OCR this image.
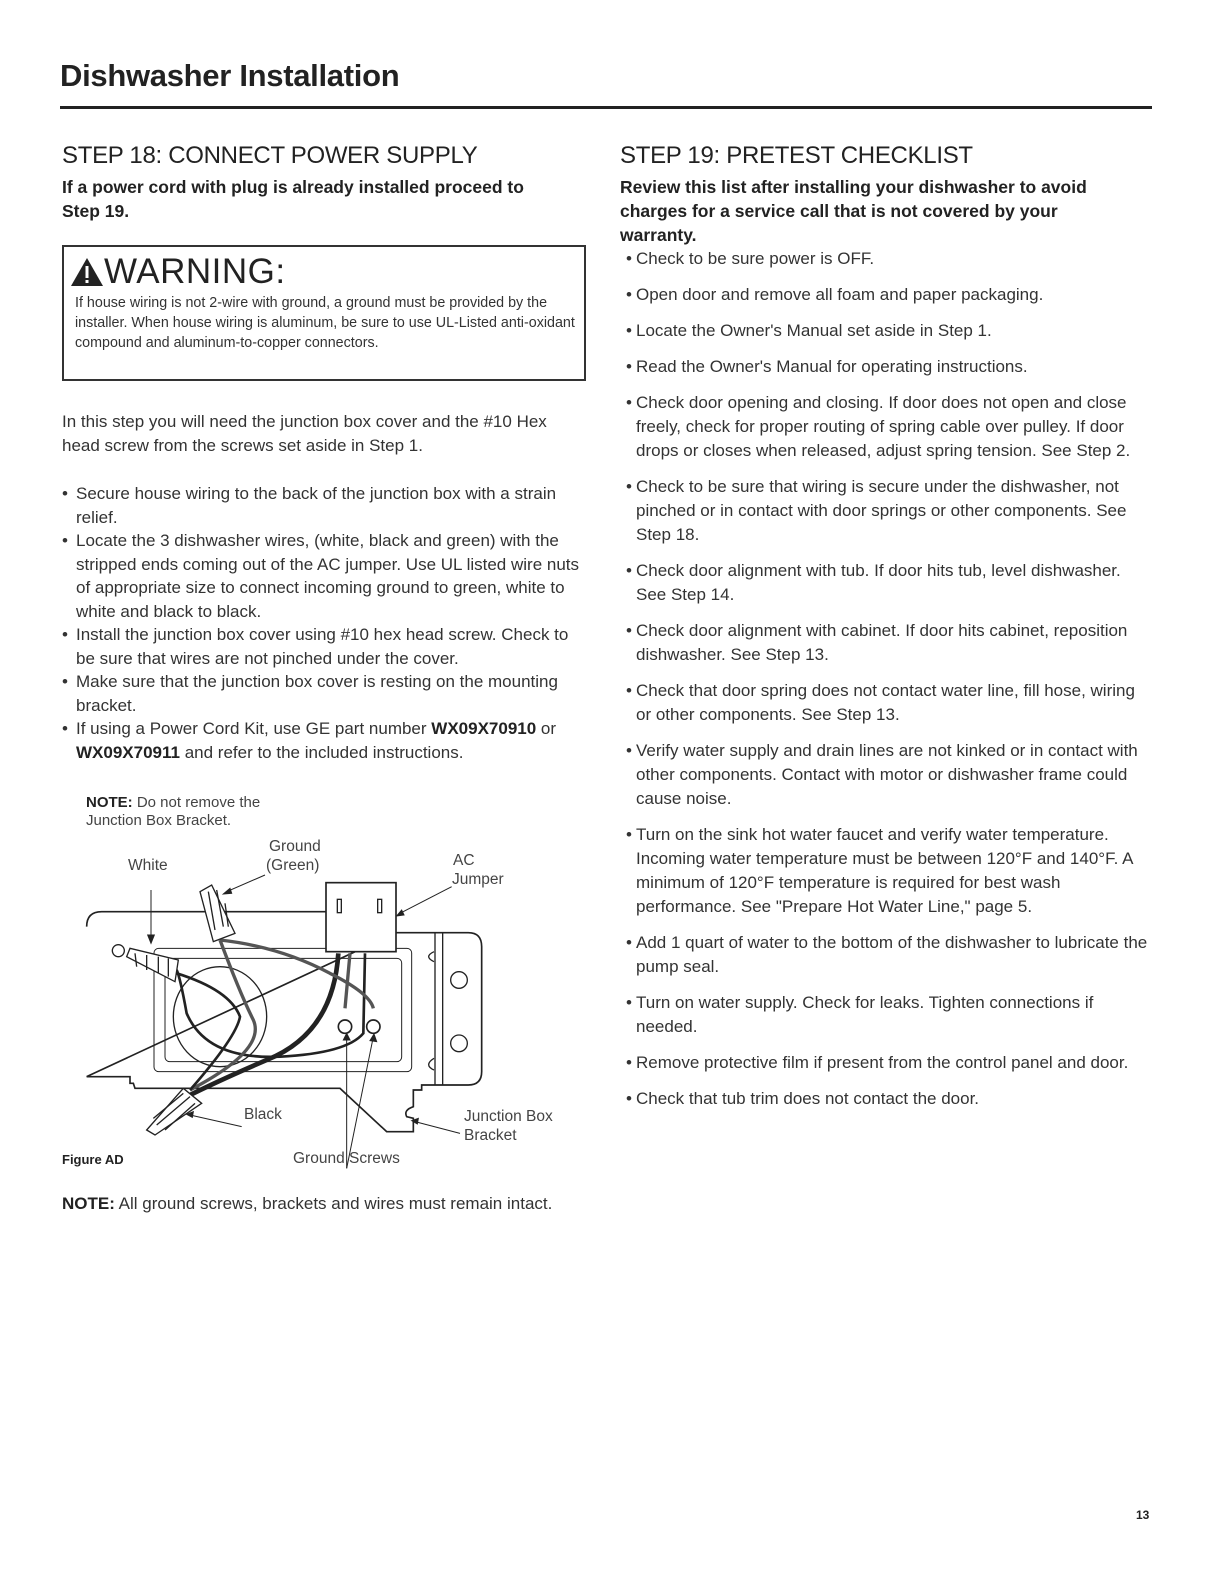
Dishwasher Installation
STEP 18: CONNECT POWER SUPPLY
If a power cord with plug is already installed proceed to Step 19.
WARNING:
If house wiring is not 2-wire with ground, a ground must be provided by the installer. When house wiring is aluminum, be sure to use UL-Listed anti-oxidant compound and aluminum-to-copper connectors.
In this step you will need the junction box cover and the #10 Hex head screw from the screws set aside in Step 1.
• Secure house wiring to the back of the junction box with a strain relief.
• Locate the 3 dishwasher wires, (white, black and green) with the stripped ends coming out of the AC jumper. Use UL listed wire nuts of appropriate size to connect incoming ground to green, white to white and black to black.
• Install the junction box cover using #10 hex head screw. Check to be sure that wires are not pinched under the cover.
• Make sure that the junction box cover is resting on the mounting bracket.
• If using a Power Cord Kit, use GE part number WX09X70910 or WX09X70911 and refer to the included instructions.
NOTE: Do not remove the Junction Box Bracket.
White
Ground
(Green)	AC
Jumper
Black	Junction Box
Bracket
Ground Screws
Figure AD
NOTE: All ground screws, brackets and wires must remain intact.
STEP 19: PRETEST CHECKLIST
Review this list after installing your dishwasher to avoid charges for a service call that is not covered by your warranty.
• Check to be sure power is OFF.
• Open door and remove all foam and paper packaging.
• Locate the Owner's Manual set aside in Step 1.
• Read the Owner's Manual for operating instructions.
• Check door opening and closing. If door does not open and close freely, check for proper routing of spring cable over pulley. If door drops or closes when released, adjust spring tension. See Step 2.
• Check to be sure that wiring is secure under the dishwasher, not pinched or in contact with door springs or other components. See Step 18.
• Check door alignment with tub. If door hits tub, level dishwasher. See Step 14.
• Check door alignment with cabinet. If door hits cabinet, reposition dishwasher. See Step 13.
• Check that door spring does not contact water line, fill hose, wiring or other components. See Step 13.
• Verify water supply and drain lines are not kinked or in contact with other components. Contact with motor or dishwasher frame could cause noise.
• Turn on the sink hot water faucet and verify water temperature. Incoming water temperature must be between 120°F and 140°F. A minimum of 120°F temperature is required for best wash performance. See "Prepare Hot Water Line," page 5.
• Add 1 quart of water to the bottom of the dishwasher to lubricate the pump seal.
• Turn on water supply. Check for leaks. Tighten connections if needed.
• Remove protective film if present from the control panel and door.
• Check that tub trim does not contact the door.
13
